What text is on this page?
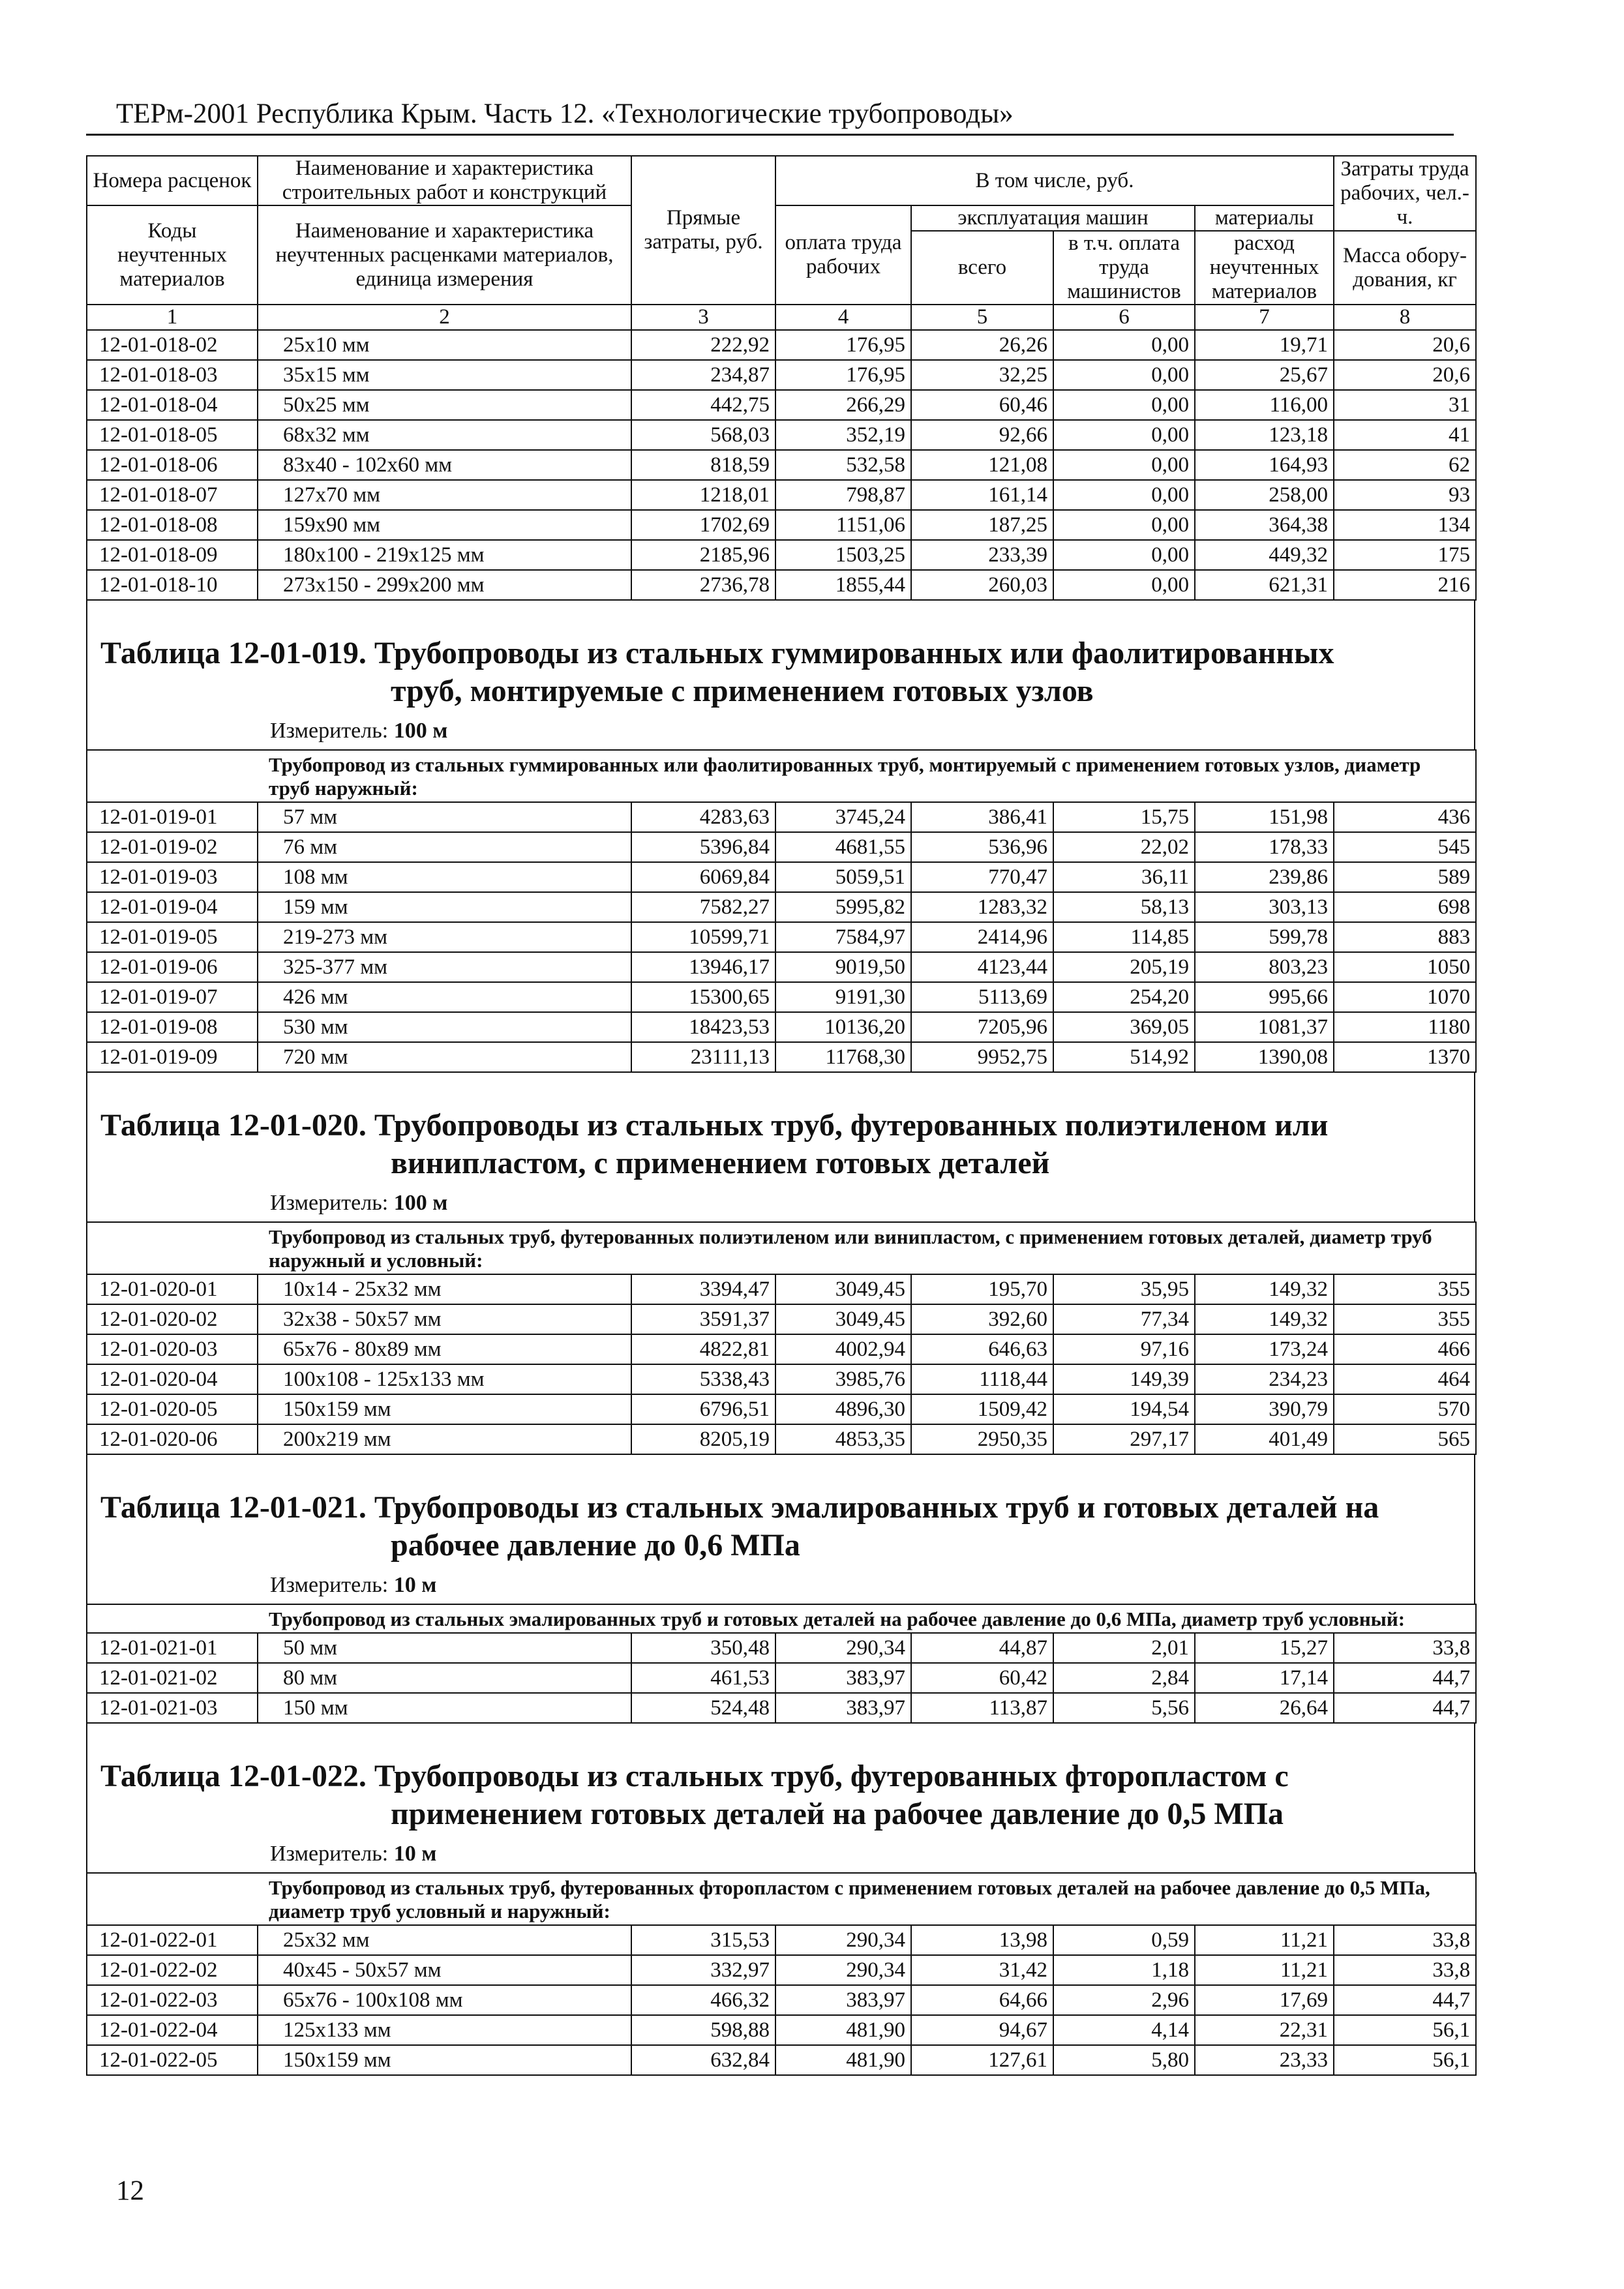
ТЕРм-2001 Республика Крым. Часть 12. «Технологические трубопроводы»
Номера расценок	Наименование и характеристика строительных работ и конструкций	Прямые затраты, руб.	В том числе, руб.				Затраты труда рабочих, чел.-ч.
Коды неучтенных материалов	Наименование и характеристика неучтенных расценками материалов, единица измерения		оплата труда рабочих	эксплуатация машин		материалы	
				всего	в т.ч. оплата труда машинистов	расход неучтенных материалов	
							Масса обору-дования, кг
1	2	3	4	5	6	7	8
12-01-018-02	25х10 мм	222,92	176,95	26,26	0,00	19,71	20,6
12-01-018-03	35х15 мм	234,87	176,95	32,25	0,00	25,67	20,6
12-01-018-04	50х25 мм	442,75	266,29	60,46	0,00	116,00	31
12-01-018-05	68х32 мм	568,03	352,19	92,66	0,00	123,18	41
12-01-018-06	83х40 - 102х60 мм	818,59	532,58	121,08	0,00	164,93	62
12-01-018-07	127х70 мм	1218,01	798,87	161,14	0,00	258,00	93
12-01-018-08	159х90 мм	1702,69	1151,06	187,25	0,00	364,38	134
12-01-018-09	180х100 - 219х125 мм	2185,96	1503,25	233,39	0,00	449,32	175
12-01-018-10	273х150 - 299х200 мм	2736,78	1855,44	260,03	0,00	621,31	216
Таблица 12-01-019. Трубопроводы из стальных гуммированных или фаолитированных
труб, монтируемые с применением готовых узлов
Измеритель: 100 м
Трубопровод из стальных гуммированных или фаолитированных труб, монтируемый с применением готовых узлов, диаметр труб наружный:							
12-01-019-01	57 мм	4283,63	3745,24	386,41	15,75	151,98	436
12-01-019-02	76 мм	5396,84	4681,55	536,96	22,02	178,33	545
12-01-019-03	108 мм	6069,84	5059,51	770,47	36,11	239,86	589
12-01-019-04	159 мм	7582,27	5995,82	1283,32	58,13	303,13	698
12-01-019-05	219-273 мм	10599,71	7584,97	2414,96	114,85	599,78	883
12-01-019-06	325-377 мм	13946,17	9019,50	4123,44	205,19	803,23	1050
12-01-019-07	426 мм	15300,65	9191,30	5113,69	254,20	995,66	1070
12-01-019-08	530 мм	18423,53	10136,20	7205,96	369,05	1081,37	1180
12-01-019-09	720 мм	23111,13	11768,30	9952,75	514,92	1390,08	1370
Таблица 12-01-020. Трубопроводы из стальных труб, футерованных полиэтиленом или
винипластом, с применением готовых деталей
Измеритель: 100 м
Трубопровод из стальных труб, футерованных полиэтиленом или винипластом, с применением готовых деталей, диаметр труб наружный и условный:							
12-01-020-01	10х14 - 25х32 мм	3394,47	3049,45	195,70	35,95	149,32	355
12-01-020-02	32х38 - 50х57 мм	3591,37	3049,45	392,60	77,34	149,32	355
12-01-020-03	65х76 - 80х89 мм	4822,81	4002,94	646,63	97,16	173,24	466
12-01-020-04	100х108 - 125х133 мм	5338,43	3985,76	1118,44	149,39	234,23	464
12-01-020-05	150х159 мм	6796,51	4896,30	1509,42	194,54	390,79	570
12-01-020-06	200х219 мм	8205,19	4853,35	2950,35	297,17	401,49	565
Таблица 12-01-021. Трубопроводы из стальных эмалированных труб и готовых деталей на
рабочее давление до 0,6 МПа
Измеритель: 10 м
Трубопровод из стальных эмалированных труб и готовых деталей на рабочее давление до 0,6 МПа, диаметр труб условный:							
12-01-021-01	50 мм	350,48	290,34	44,87	2,01	15,27	33,8
12-01-021-02	80 мм	461,53	383,97	60,42	2,84	17,14	44,7
12-01-021-03	150 мм	524,48	383,97	113,87	5,56	26,64	44,7
Таблица 12-01-022. Трубопроводы из стальных труб, футерованных фторопластом с
применением готовых деталей на рабочее давление до 0,5 МПа
Измеритель: 10 м
Трубопровод из стальных труб, футерованных фторопластом с применением готовых деталей на рабочее давление до 0,5 МПа, диаметр труб условный и наружный:							
12-01-022-01	25х32 мм	315,53	290,34	13,98	0,59	11,21	33,8
12-01-022-02	40х45 - 50х57 мм	332,97	290,34	31,42	1,18	11,21	33,8
12-01-022-03	65х76 - 100х108 мм	466,32	383,97	64,66	2,96	17,69	44,7
12-01-022-04	125х133 мм	598,88	481,90	94,67	4,14	22,31	56,1
12-01-022-05	150х159 мм	632,84	481,90	127,61	5,80	23,33	56,1
12
